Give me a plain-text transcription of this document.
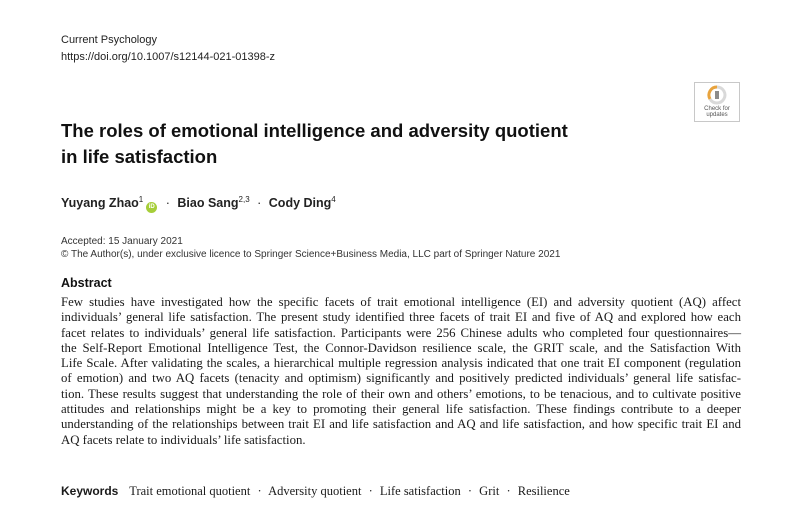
Current Psychology
https://doi.org/10.1007/s12144-021-01398-z
Check for
updates
The roles of emotional intelligence and adversity quotient
in life satisfaction
Yuyang Zhao$^1$iD · Biao Sang$^{2,3}$ · Cody Ding$^4$
Accepted: 15 January 2021
© The Author(s), under exclusive licence to Springer Science+Business Media, LLC part of Springer Nature 2021
Abstract
Few studies have investigated how the specific facets of trait emotional intelligence (EI) and adversity quotient (AQ) affect
individuals’ general life satisfaction. The present study identified three facets of trait EI and five of AQ and explored how each
facet relates to individuals’ general life satisfaction. Participants were 256 Chinese adults who completed four questionnaires—
the Self-Report Emotional Intelligence Test, the Connor-Davidson resilience scale, the GRIT scale, and the Satisfaction With
Life Scale. After validating the scales, a hierarchical multiple regression analysis indicated that one trait EI component (regulation
of emotion) and two AQ facets (tenacity and optimism) significantly and positively predicted individuals’ general life satisfac-
tion. These results suggest that understanding the role of their own and others’ emotions, to be tenacious, and to cultivate positive
attitudes and relationships might be a key to promoting their general life satisfaction. These findings contribute to a deeper
understanding of the relationships between trait EI and life satisfaction and AQ and life satisfaction, and how specific trait EI and
AQ facets relate to individuals’ life satisfaction.
Keywords Trait emotional quotient · Adversity quotient · Life satisfaction · Grit · Resilience
